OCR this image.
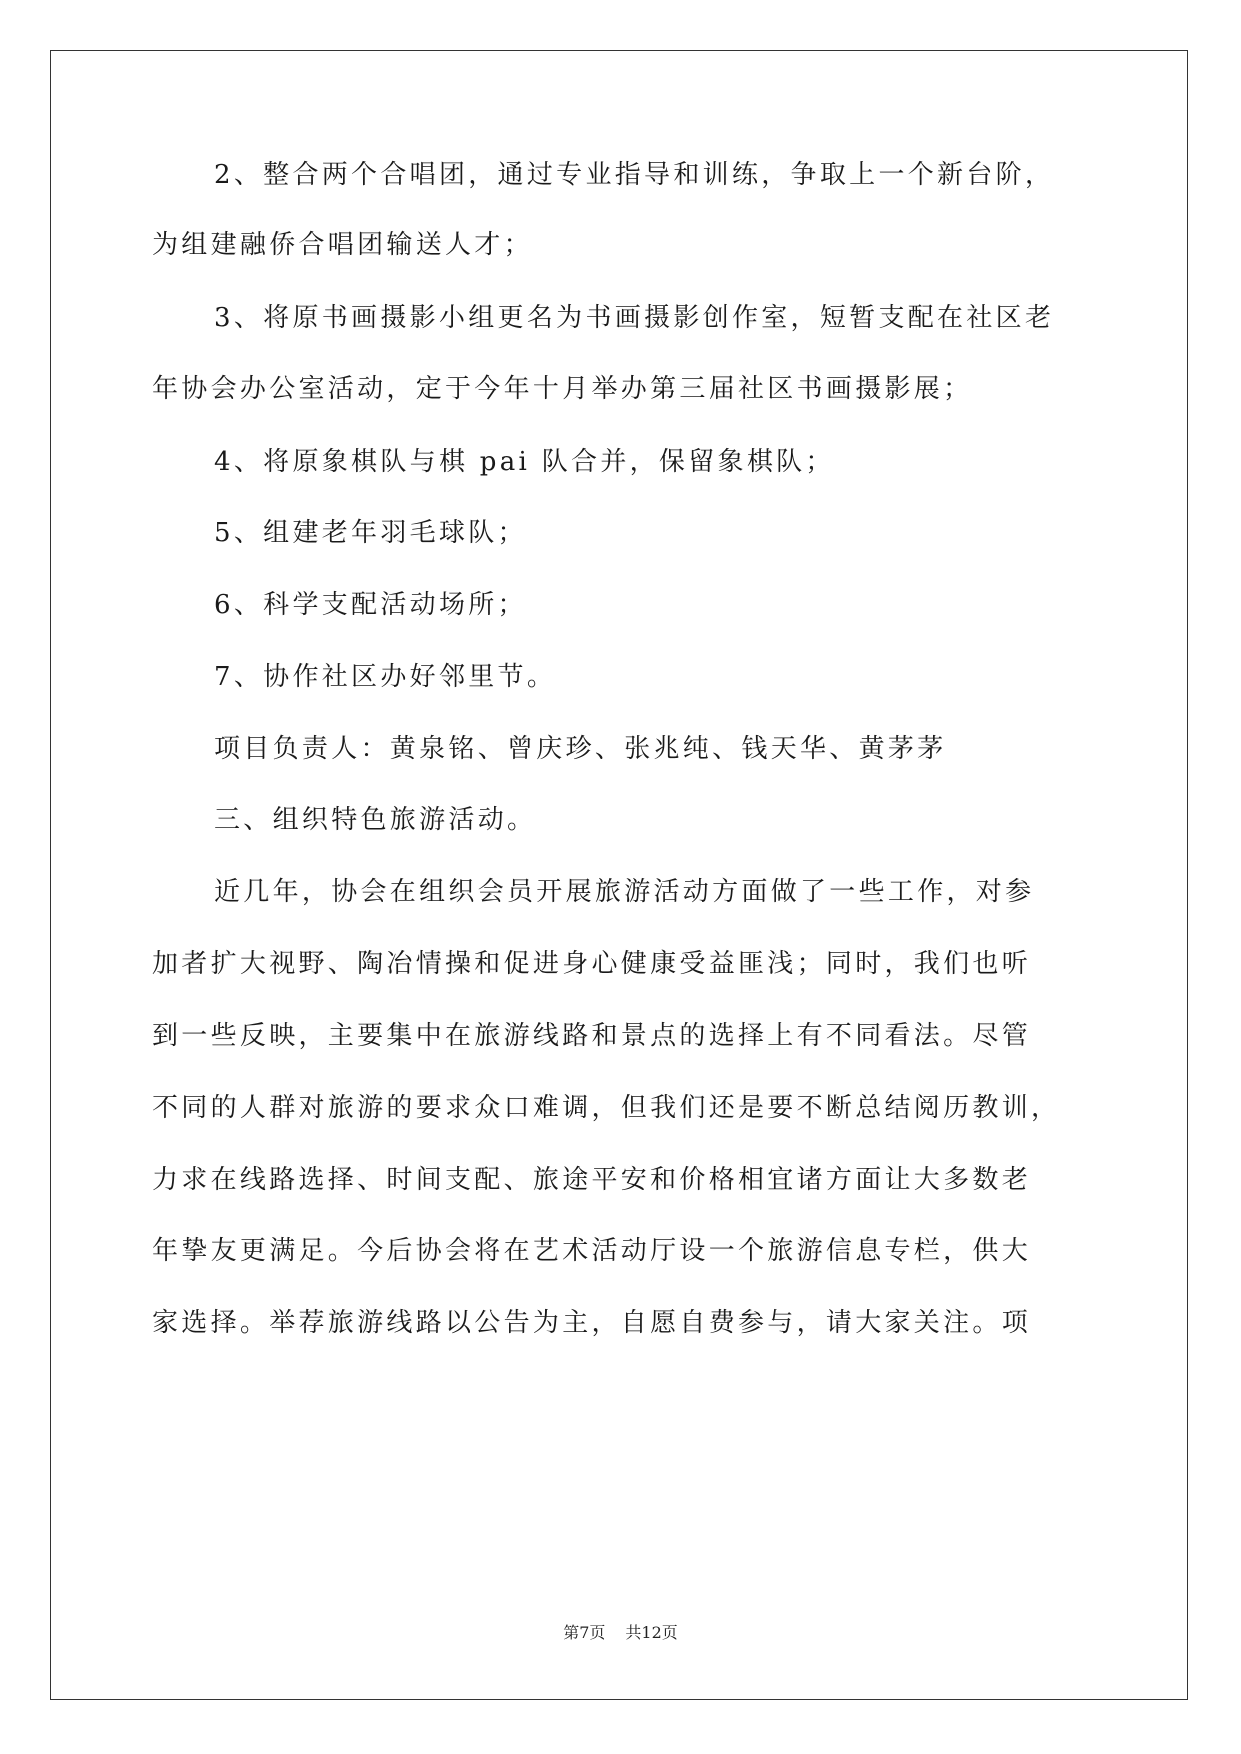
2、整合两个合唱团，通过专业指导和训练，争取上一个新台阶，
为组建融侨合唱团输送人才；
3、将原书画摄影小组更名为书画摄影创作室，短暂支配在社区老
年协会办公室活动，定于今年十月举办第三届社区书画摄影展；
4、将原象棋队与棋 pai 队合并，保留象棋队；
5、组建老年羽毛球队；
6、科学支配活动场所；
7、协作社区办好邻里节。
项目负责人：黄泉铭、曾庆珍、张兆纯、钱天华、黄茅茅
三、组织特色旅游活动。
近几年，协会在组织会员开展旅游活动方面做了一些工作，对参
加者扩大视野、陶冶情操和促进身心健康受益匪浅；同时，我们也听
到一些反映，主要集中在旅游线路和景点的选择上有不同看法。尽管
不同的人群对旅游的要求众口难调，但我们还是要不断总结阅历教训，
力求在线路选择、时间支配、旅途平安和价格相宜诸方面让大多数老
年挚友更满足。今后协会将在艺术活动厅设一个旅游信息专栏，供大
家选择。举荐旅游线路以公告为主，自愿自费参与，请大家关注。项
第7页 共12页
